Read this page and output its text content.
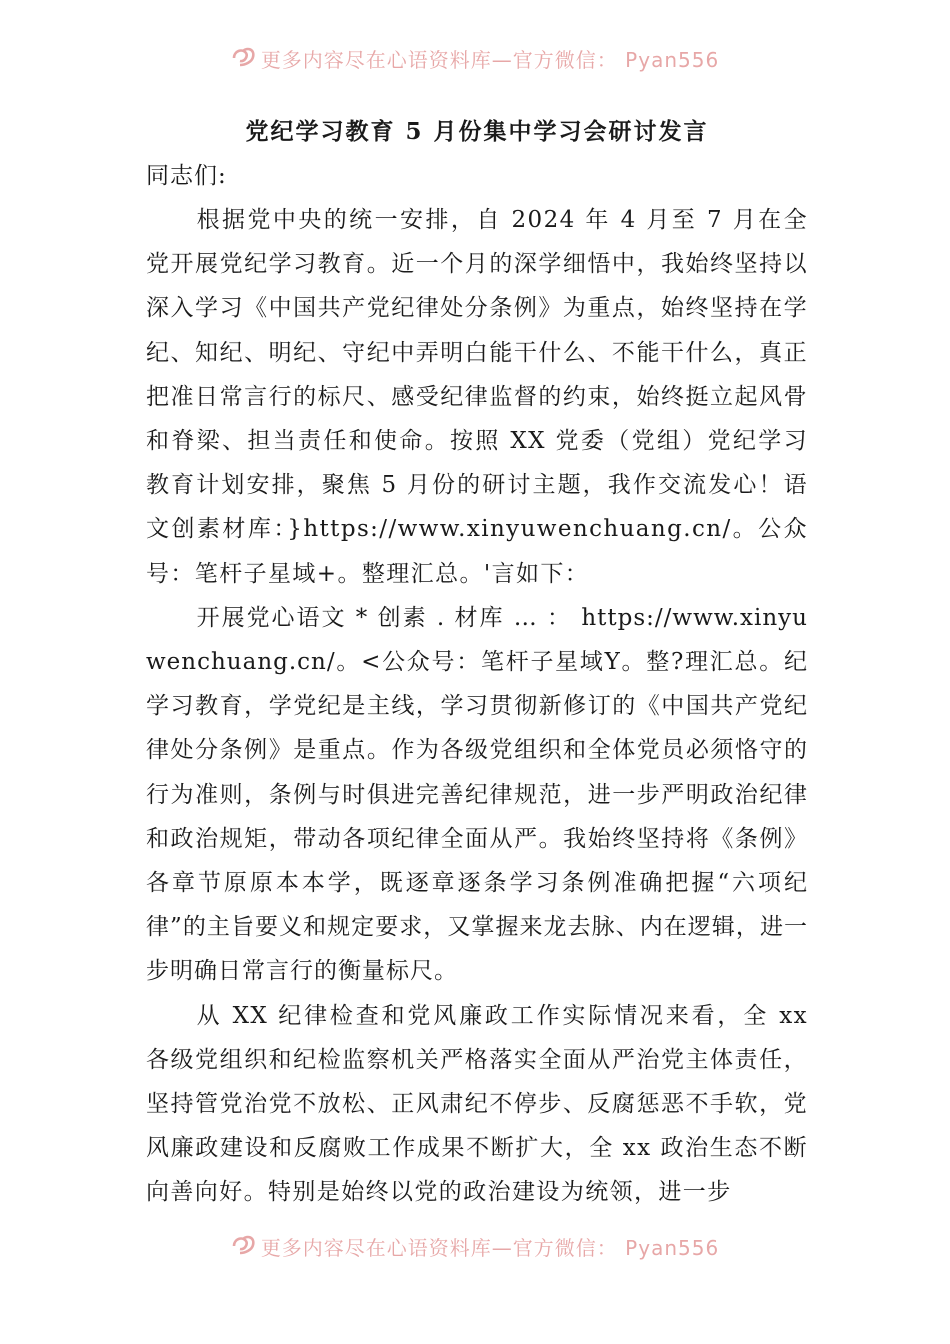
更多内容尽在心语资料库—官方微信： Pyan556
党纪学习教育 5 月份集中学习会研讨发言

同志们:

根据党中央的统一安排，自 2024 年 4 月至 7 月在全党开展党纪学习教育。近一个月的深学细悟中，我始终坚持以深入学习《中国共产党纪律处分条例》为重点，始终坚持在学纪、知纪、明纪、守纪中弄明白能干什么、不能干什么，真正把准日常言行的标尺、感受纪律监督的约束，始终挺立起风骨和脊梁、担当责任和使命。按照 XX 党委（党组）党纪学习教育计划安排，聚焦 5 月份的研讨主题，我作交流发心！语文创素材库：}https://www.xinyuwenchuang.cn/。公众号：笔杆子星域+。整理汇总。'言如下：

开展党心语文 * 创素 . 材库 … ： https://www.xinyuwenchuang.cn/。<公众号：笔杆子星域Y。整?理汇总。纪学习教育，学党纪是主线，学习贯彻新修订的《中国共产党纪律处分条例》是重点。作为各级党组织和全体党员必须恪守的行为准则，条例与时俱进完善纪律规范，进一步严明政治纪律和政治规矩，带动各项纪律全面从严。我始终坚持将《条例》各章节原原本本学，既逐章逐条学习条例准确把握“六项纪律”的主旨要义和规定要求，又掌握来龙去脉、内在逻辑，进一步明确日常言行的衡量标尺。

从 XX 纪律检查和党风廉政工作实际情况来看，全 xx 各级党组织和纪检监察机关严格落实全面从严治党主体责任，坚持管党治党不放松、正风肃纪不停步、反腐惩恶不手软，党风廉政建设和反腐败工作成果不断扩大，全 xx 政治生态不断向善向好。特别是始终以党的政治建设为统领，进一步

更多内容尽在心语资料库—官方微信： Pyan556
